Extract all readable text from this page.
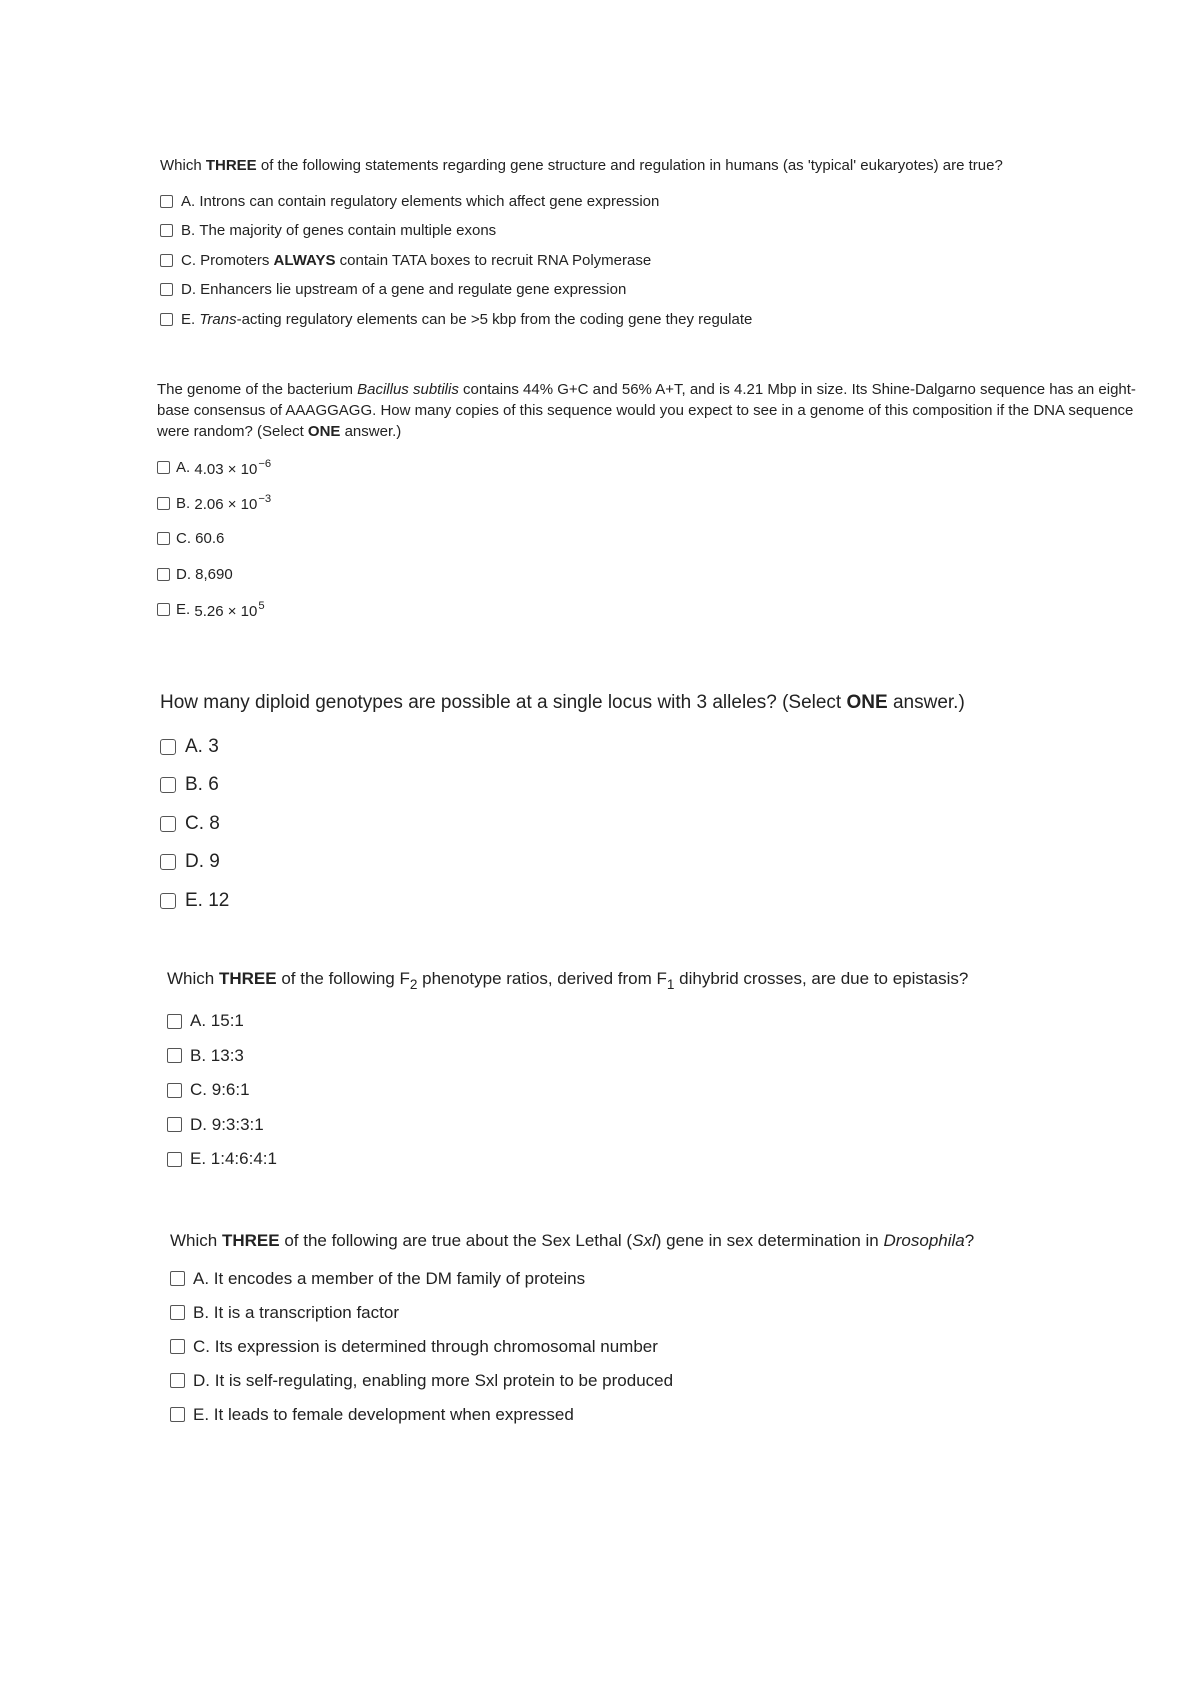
Which THREE of the following statements regarding gene structure and regulation in humans (as 'typical' eukaryotes) are true?

A.
Introns can contain regulatory elements which affect gene expression
B.
The majority of genes contain multiple exons
C.
Promoters ALWAYS contain TATA boxes to recruit RNA Polymerase
D.
Enhancers lie upstream of a gene and regulate gene expression
E.
Trans-acting regulatory elements can be >5 kbp from the coding gene they regulate

The genome of the bacterium Bacillus subtilis contains 44% G+C and 56% A+T, and is 4.21 Mbp in size. Its Shine-Dalgarno sequence has an eight-base consensus of AAAGGAGG. How many copies of this sequence would you expect to see in a genome of this composition if the DNA sequence were random? (Select ONE answer.)

A.
$4.03 \times 10^{-6}$
B.
$2.06 \times 10^{-3}$
C.
60.6
D.
8,690
E.
$5.26 \times 10^5$

How many diploid genotypes are possible at a single locus with 3 alleles? (Select ONE answer.)

A.
3
B.
6
C.
8
D.
9
E.
12

Which THREE of the following $F_2$ phenotype ratios, derived from $F_1$ dihybrid crosses, are due to epistasis?

A.
15:1
B.
13:3
C.
9:6:1
D.
9:3:3:1
E.
1:4:6:4:1

Which THREE of the following are true about the Sex Lethal (Sxl) gene in sex determination in Drosophila?

A.
It encodes a member of the DM family of proteins
B.
It is a transcription factor
C.
Its expression is determined through chromosomal number
D.
It is self-regulating, enabling more Sxl protein to be produced
E.
It leads to female development when expressed
